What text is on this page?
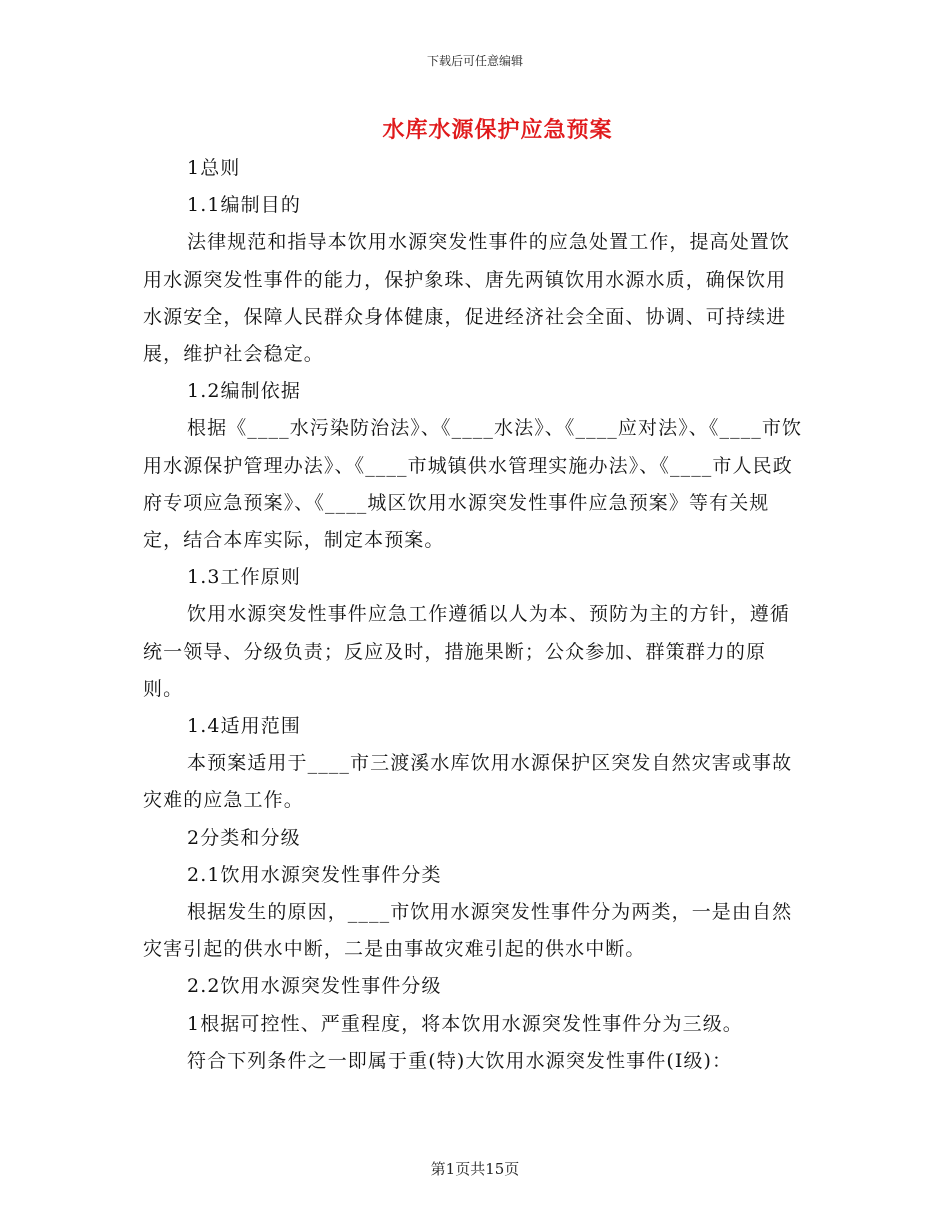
下载后可任意编辑
水库水源保护应急预案

1总则

1.1编制目的

法律规范和指导本饮用水源突发性事件的应急处置工作，提高处置饮用水源突发性事件的能力，保护象珠、唐先两镇饮用水源水质，确保饮用水源安全，保障人民群众身体健康，促进经济社会全面、协调、可持续进展，维护社会稳定。

1.2编制依据

根据《____水污染防治法》、《____水法》、《____应对法》、《____市饮用水源保护管理办法》、《____市城镇供水管理实施办法》、《____市人民政府专项应急预案》、《____城区饮用水源突发性事件应急预案》等有关规定，结合本库实际，制定本预案。

1.3工作原则

饮用水源突发性事件应急工作遵循以人为本、预防为主的方针，遵循统一领导、分级负责；反应及时，措施果断；公众参加、群策群力的原则。

1.4适用范围

本预案适用于____市三渡溪水库饮用水源保护区突发自然灾害或事故灾难的应急工作。

2分类和分级

2.1饮用水源突发性事件分类

根据发生的原因，____市饮用水源突发性事件分为两类，一是由自然灾害引起的供水中断，二是由事故灾难引起的供水中断。

2.2饮用水源突发性事件分级

1根据可控性、严重程度，将本饮用水源突发性事件分为三级。

符合下列条件之一即属于重(特)大饮用水源突发性事件(Ⅰ级)：

第1页共15页
